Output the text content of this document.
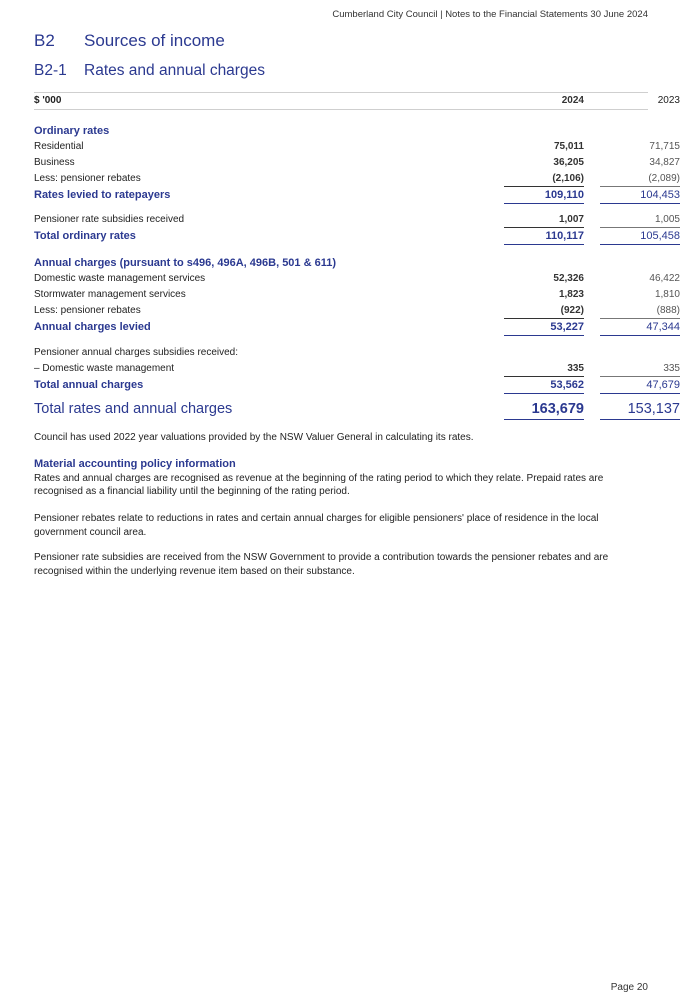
Cumberland City Council | Notes to the Financial Statements 30 June 2024
B2 Sources of income
B2-1 Rates and annual charges
$ '000	2024	2023
Ordinary rates
Residential	75,011	71,715
Business	36,205	34,827
Less: pensioner rebates	(2,106)	(2,089)
Rates levied to ratepayers	109,110	104,453
Pensioner rate subsidies received	1,007	1,005
Total ordinary rates	110,117	105,458
Annual charges (pursuant to s496, 496A, 496B, 501 & 611)
Domestic waste management services	52,326	46,422
Stormwater management services	1,823	1,810
Less: pensioner rebates	(922)	(888)
Annual charges levied	53,227	47,344
Pensioner annual charges subsidies received:
– Domestic waste management	335	335
Total annual charges	53,562	47,679
Total rates and annual charges	163,679	153,137
Council has used 2022 year valuations provided by the NSW Valuer General in calculating its rates.
Material accounting policy information
Rates and annual charges are recognised as revenue at the beginning of the rating period to which they relate. Prepaid rates are recognised as a financial liability until the beginning of the rating period.
Pensioner rebates relate to reductions in rates and certain annual charges for eligible pensioners' place of residence in the local government council area.
Pensioner rate subsidies are received from the NSW Government to provide a contribution towards the pensioner rebates and are recognised within the underlying revenue item based on their substance.
Page 20
